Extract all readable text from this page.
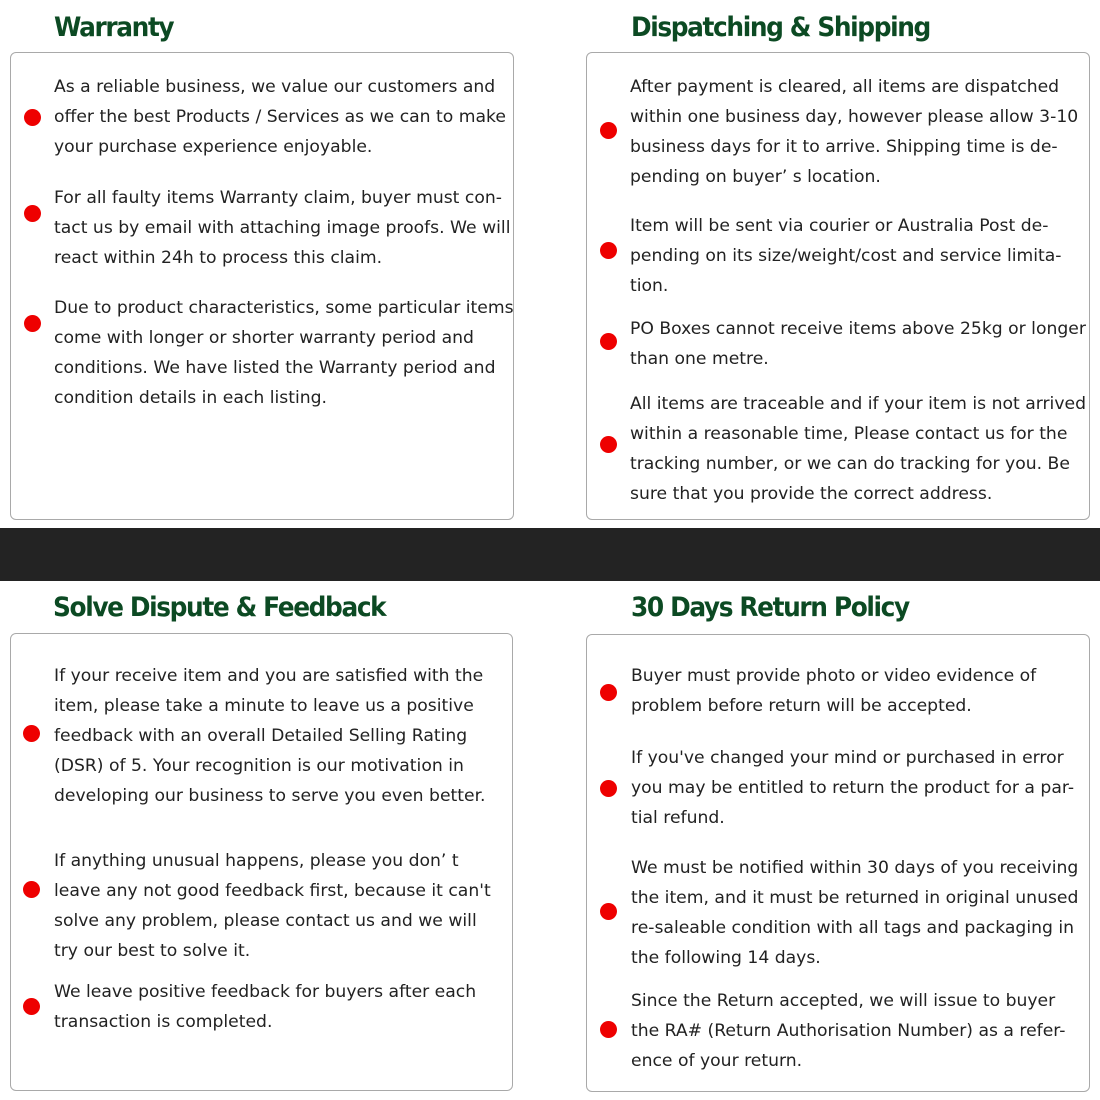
Warranty
As a reliable business, we value our customers and
offer the best Products / Services as we can to make
your purchase experience enjoyable.
For all faulty items Warranty claim, buyer must con-
tact us by email with attaching image proofs. We will
react within 24h to process this claim.
Due to product characteristics, some particular items
come with longer or shorter warranty period and
conditions. We have listed the Warranty period and
condition details in each listing.
Dispatching & Shipping
After payment is cleared, all items are dispatched
within one business day, however please allow 3-10
business days for it to arrive. Shipping time is de-
pending on buyer’ s location.
Item will be sent via courier or Australia Post de-
pending on its size/weight/cost and service limita-
tion.
PO Boxes cannot receive items above 25kg or longer
than one metre.
All items are traceable and if your item is not arrived
within a reasonable time, Please contact us for the
tracking number, or we can do tracking for you. Be
sure that you provide the correct address.
Solve Dispute & Feedback
If your receive item and you are satisfied with the
item, please take a minute to leave us a positive
feedback with an overall Detailed Selling Rating
(DSR) of 5. Your recognition is our motivation in
developing our business to serve you even better.
If anything unusual happens, please you don’ t
leave any not good feedback first, because it can't
solve any problem, please contact us and we will
try our best to solve it.
We leave positive feedback for buyers after each
transaction is completed.
30 Days Return Policy
Buyer must provide photo or video evidence of
problem before return will be accepted.
If you've changed your mind or purchased in error
you may be entitled to return the product for a par-
tial refund.
We must be notified within 30 days of you receiving
the item, and it must be returned in original unused
re-saleable condition with all tags and packaging in
the following 14 days.
Since the Return accepted, we will issue to buyer
the RA# (Return Authorisation Number) as a refer-
ence of your return.
